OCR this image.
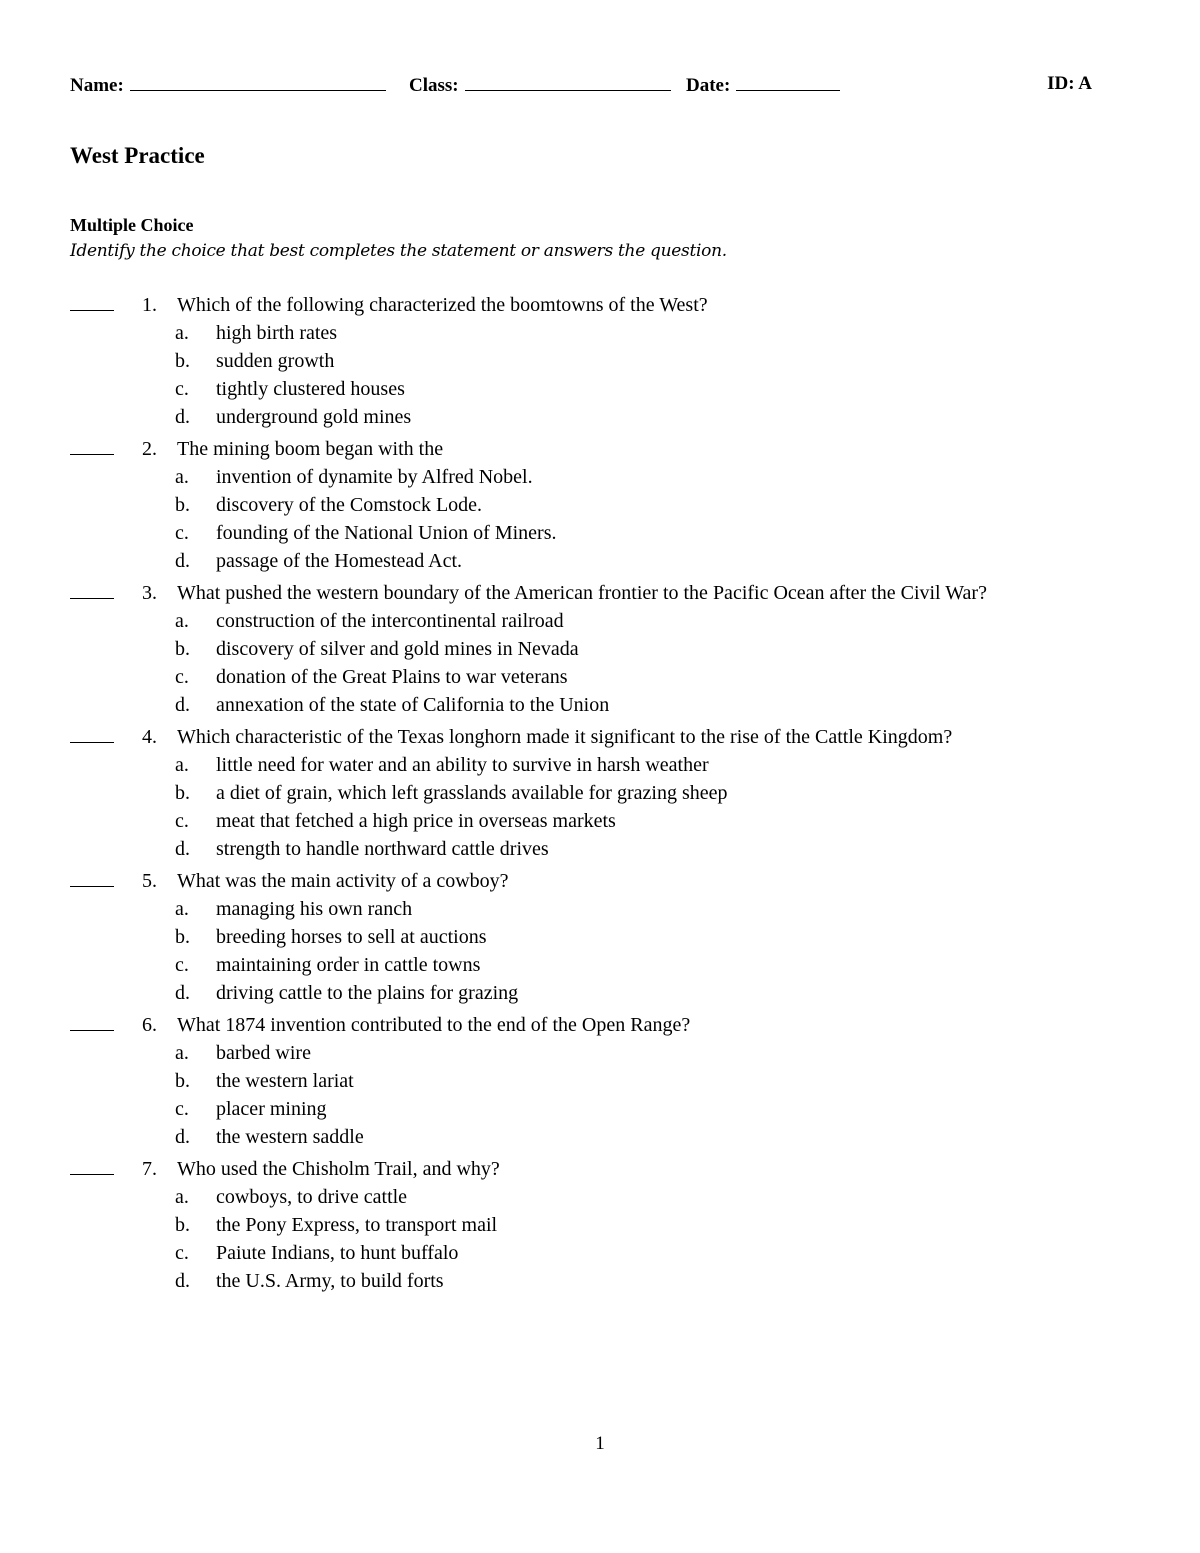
Name:	Class:	Date:	ID: A
West Practice
Multiple Choice
Identify the choice that best completes the statement or answers the question.
1.	Which of the following characterized the boomtowns of the West?
a. high birth rates
b. sudden growth
c. tightly clustered houses
d. underground gold mines
2.	The mining boom began with the
a. invention of dynamite by Alfred Nobel.
b. discovery of the Comstock Lode.
c. founding of the National Union of Miners.
d. passage of the Homestead Act.
3.	What pushed the western boundary of the American frontier to the Pacific Ocean after the Civil War?
a. construction of the intercontinental railroad
b. discovery of silver and gold mines in Nevada
c. donation of the Great Plains to war veterans
d. annexation of the state of California to the Union
4.	Which characteristic of the Texas longhorn made it significant to the rise of the Cattle Kingdom?
a. little need for water and an ability to survive in harsh weather
b. a diet of grain, which left grasslands available for grazing sheep
c. meat that fetched a high price in overseas markets
d. strength to handle northward cattle drives
5.	What was the main activity of a cowboy?
a. managing his own ranch
b. breeding horses to sell at auctions
c. maintaining order in cattle towns
d. driving cattle to the plains for grazing
6.	What 1874 invention contributed to the end of the Open Range?
a. barbed wire
b. the western lariat
c. placer mining
d. the western saddle
7.	Who used the Chisholm Trail, and why?
a. cowboys, to drive cattle
b. the Pony Express, to transport mail
c. Paiute Indians, to hunt buffalo
d. the U.S. Army, to build forts
1
